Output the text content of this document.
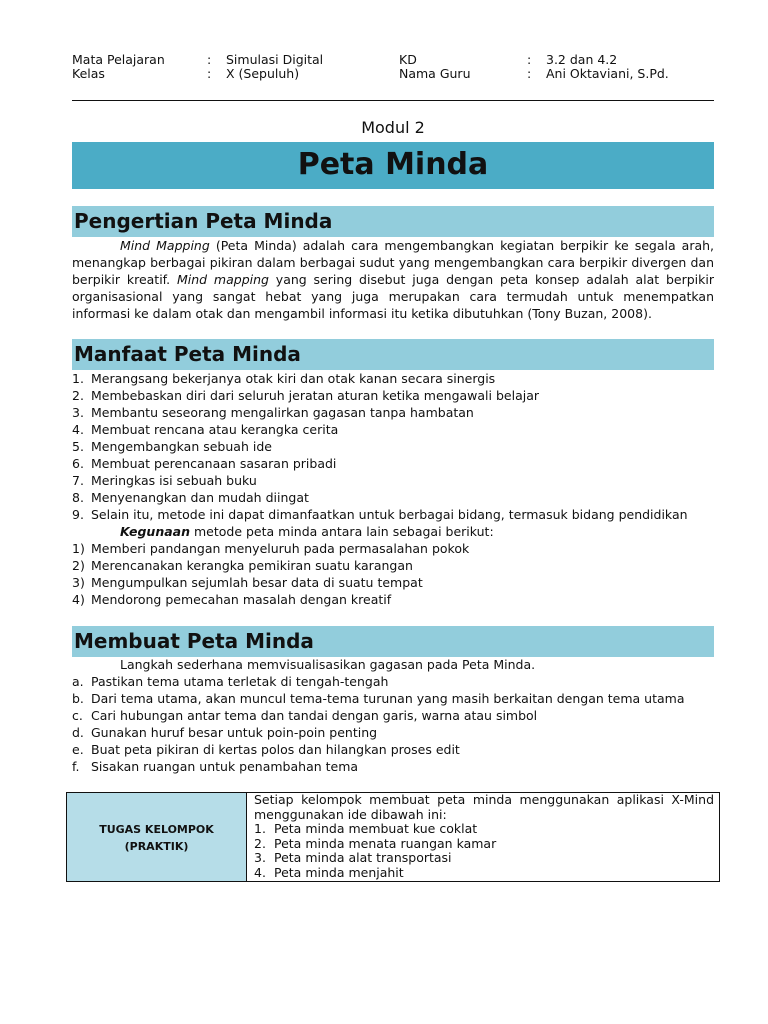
Mata Pelajaran	: Simulasi Digital
Kelas	: X (Sepuluh)
KD	: 3.2 dan 4.2
Nama Guru	: Ani Oktaviani, S.Pd.
Modul 2
Peta Minda
Pengertian Peta Minda
Mind Mapping (Peta Minda) adalah cara mengembangkan kegiatan berpikir ke segala arah, menangkap berbagai pikiran dalam berbagai sudut yang mengembangkan cara berpikir divergen dan berpikir kreatif. Mind mapping yang sering disebut juga dengan peta konsep adalah alat berpikir organisasional yang sangat hebat yang juga merupakan cara termudah untuk menempatkan informasi ke dalam otak dan mengambil informasi itu ketika dibutuhkan (Tony Buzan, 2008).
Manfaat Peta Minda
1. Merangsang bekerjanya otak kiri dan otak kanan secara sinergis
2. Membebaskan diri dari seluruh jeratan aturan ketika mengawali belajar
3. Membantu seseorang mengalirkan gagasan tanpa hambatan
4. Membuat rencana atau kerangka cerita
5. Mengembangkan sebuah ide
6. Membuat perencanaan sasaran pribadi
7. Meringkas isi sebuah buku
8. Menyenangkan dan mudah diingat
9. Selain itu, metode ini dapat dimanfaatkan untuk berbagai bidang, termasuk bidang pendidikan
Kegunaan metode peta minda antara lain sebagai berikut:
1) Memberi pandangan menyeluruh pada permasalahan pokok
2) Merencanakan kerangka pemikiran suatu karangan
3) Mengumpulkan sejumlah besar data di suatu tempat
4) Mendorong pemecahan masalah dengan kreatif
Membuat Peta Minda
Langkah sederhana memvisualisasikan gagasan pada Peta Minda.
a. Pastikan tema utama terletak di tengah-tengah
b. Dari tema utama, akan muncul tema-tema turunan yang masih berkaitan dengan tema utama
c. Cari hubungan antar tema dan tandai dengan garis, warna atau simbol
d. Gunakan huruf besar untuk poin-poin penting
e. Buat peta pikiran di kertas polos dan hilangkan proses edit
f. Sisakan ruangan untuk penambahan tema
TUGAS KELOMPOK
(PRAKTIK)
Setiap kelompok membuat peta minda menggunakan aplikasi X-Mind menggunakan ide dibawah ini:
1. Peta minda membuat kue coklat
2. Peta minda menata ruangan kamar
3. Peta minda alat transportasi
4. Peta minda menjahit
